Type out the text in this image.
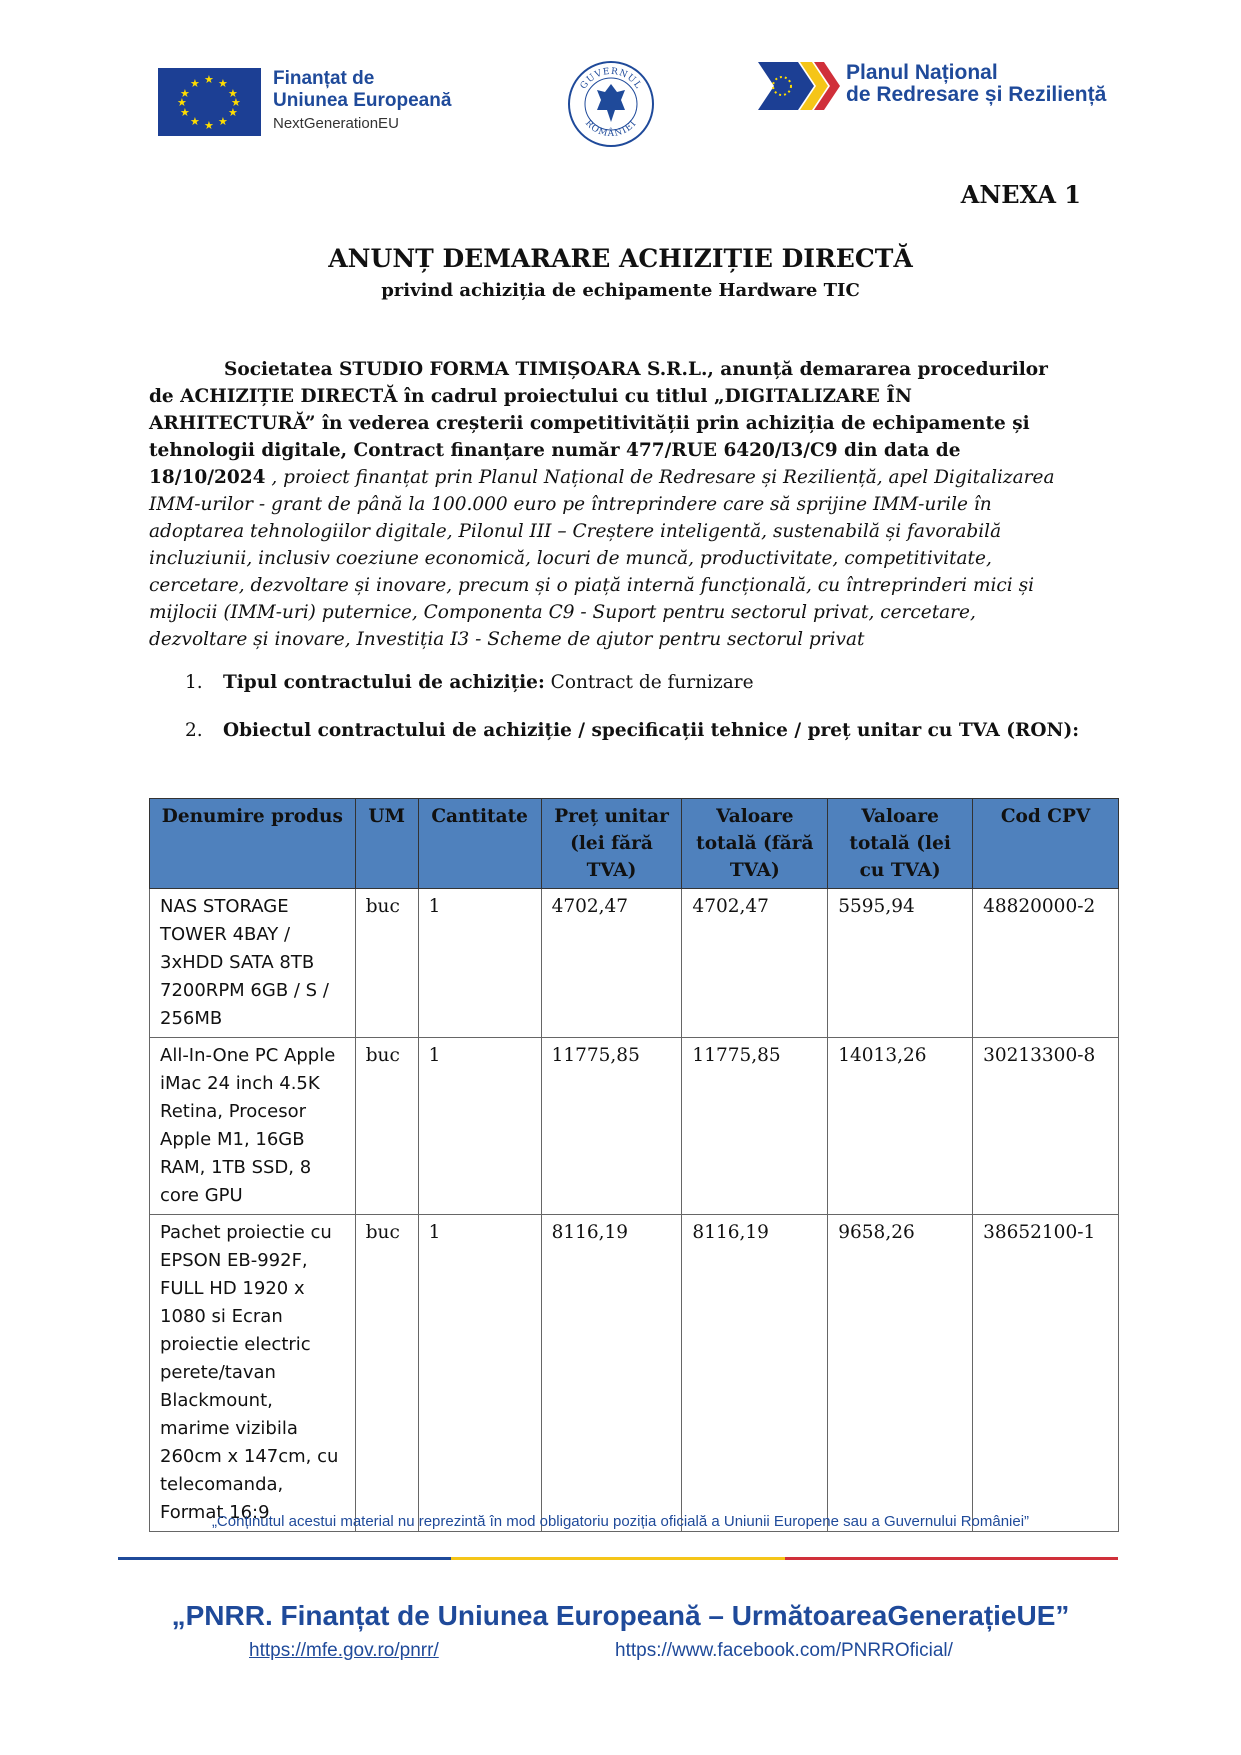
★ ★
★
★
★
★
★
★
★
★
★
★	Finanțat de
Uniunea Europeană
NextGenerationEU
GUVERNUL
ROMÂNIEI
Planul Național
de Redresare și Reziliență
ANEXA 1
ANUNȚ DEMARARE ACHIZIȚIE DIRECTĂ
privind achiziția de echipamente Hardware TIC

Societatea STUDIO FORMA TIMIȘOARA S.R.L., anunță demararea procedurilor de ACHIZIȚIE DIRECTĂ în cadrul proiectului cu titlul „DIGITALIZARE ÎN ARHITECTURĂ” în vederea creșterii competitivității prin achiziția de echipamente și tehnologii digitale, Contract finanțare număr 477/RUE 6420/I3/C9 din data de 18/10/2024 , proiect finanțat prin Planul Național de Redresare și Reziliență, apel Digitalizarea IMM-urilor - grant de până la 100.000 euro pe întreprindere care să sprijine IMM-urile în adoptarea tehnologiilor digitale, Pilonul III – Creștere inteligentă, sustenabilă și favorabilă incluziunii, inclusiv coeziune economică, locuri de muncă, productivitate, competitivitate, cercetare, dezvoltare și inovare, precum și o piață internă funcțională, cu întreprinderi mici și mijlocii (IMM-uri) puternice, Componenta C9 - Suport pentru sectorul privat, cercetare, dezvoltare și inovare, Investiția I3 - Scheme de ajutor pentru sectorul privat

1. Tipul contractului de achiziție: Contract de furnizare
2. Obiectul contractului de achiziție / specificații tehnice / preț unitar cu TVA (RON):
Denumire produs	UM	Cantitate	Preț unitar (lei fără TVA)	Valoare totală (fără TVA)	Valoare totală (lei cu TVA)	Cod CPV
NAS STORAGE TOWER 4BAY / 3xHDD SATA 8TB 7200RPM 6GB / S / 256MB	buc	1	4702,47	4702,47	5595,94	48820000-2
All-In-One PC Apple iMac 24 inch 4.5K Retina, Procesor Apple M1, 16GB RAM, 1TB SSD, 8 core GPU	buc	1	11775,85	11775,85	14013,26	30213300-8
Pachet proiectie cu EPSON EB-992F, FULL HD 1920 x 1080 si Ecran proiectie electric perete/tavan Blackmount, marime vizibila 260cm x 147cm, cu telecomanda, Format 16:9	buc	1	8116,19	8116,19	9658,26	38652100-1
„Conținutul acestui material nu reprezintă în mod obligatoriu poziția oficială a Uniunii Europene sau a Guvernului României”
„PNRR. Finanțat de Uniunea Europeană – UrmătoareaGenerațieUE”
https://mfe.gov.ro/pnrr/	https://www.facebook.com/PNRROficial/
